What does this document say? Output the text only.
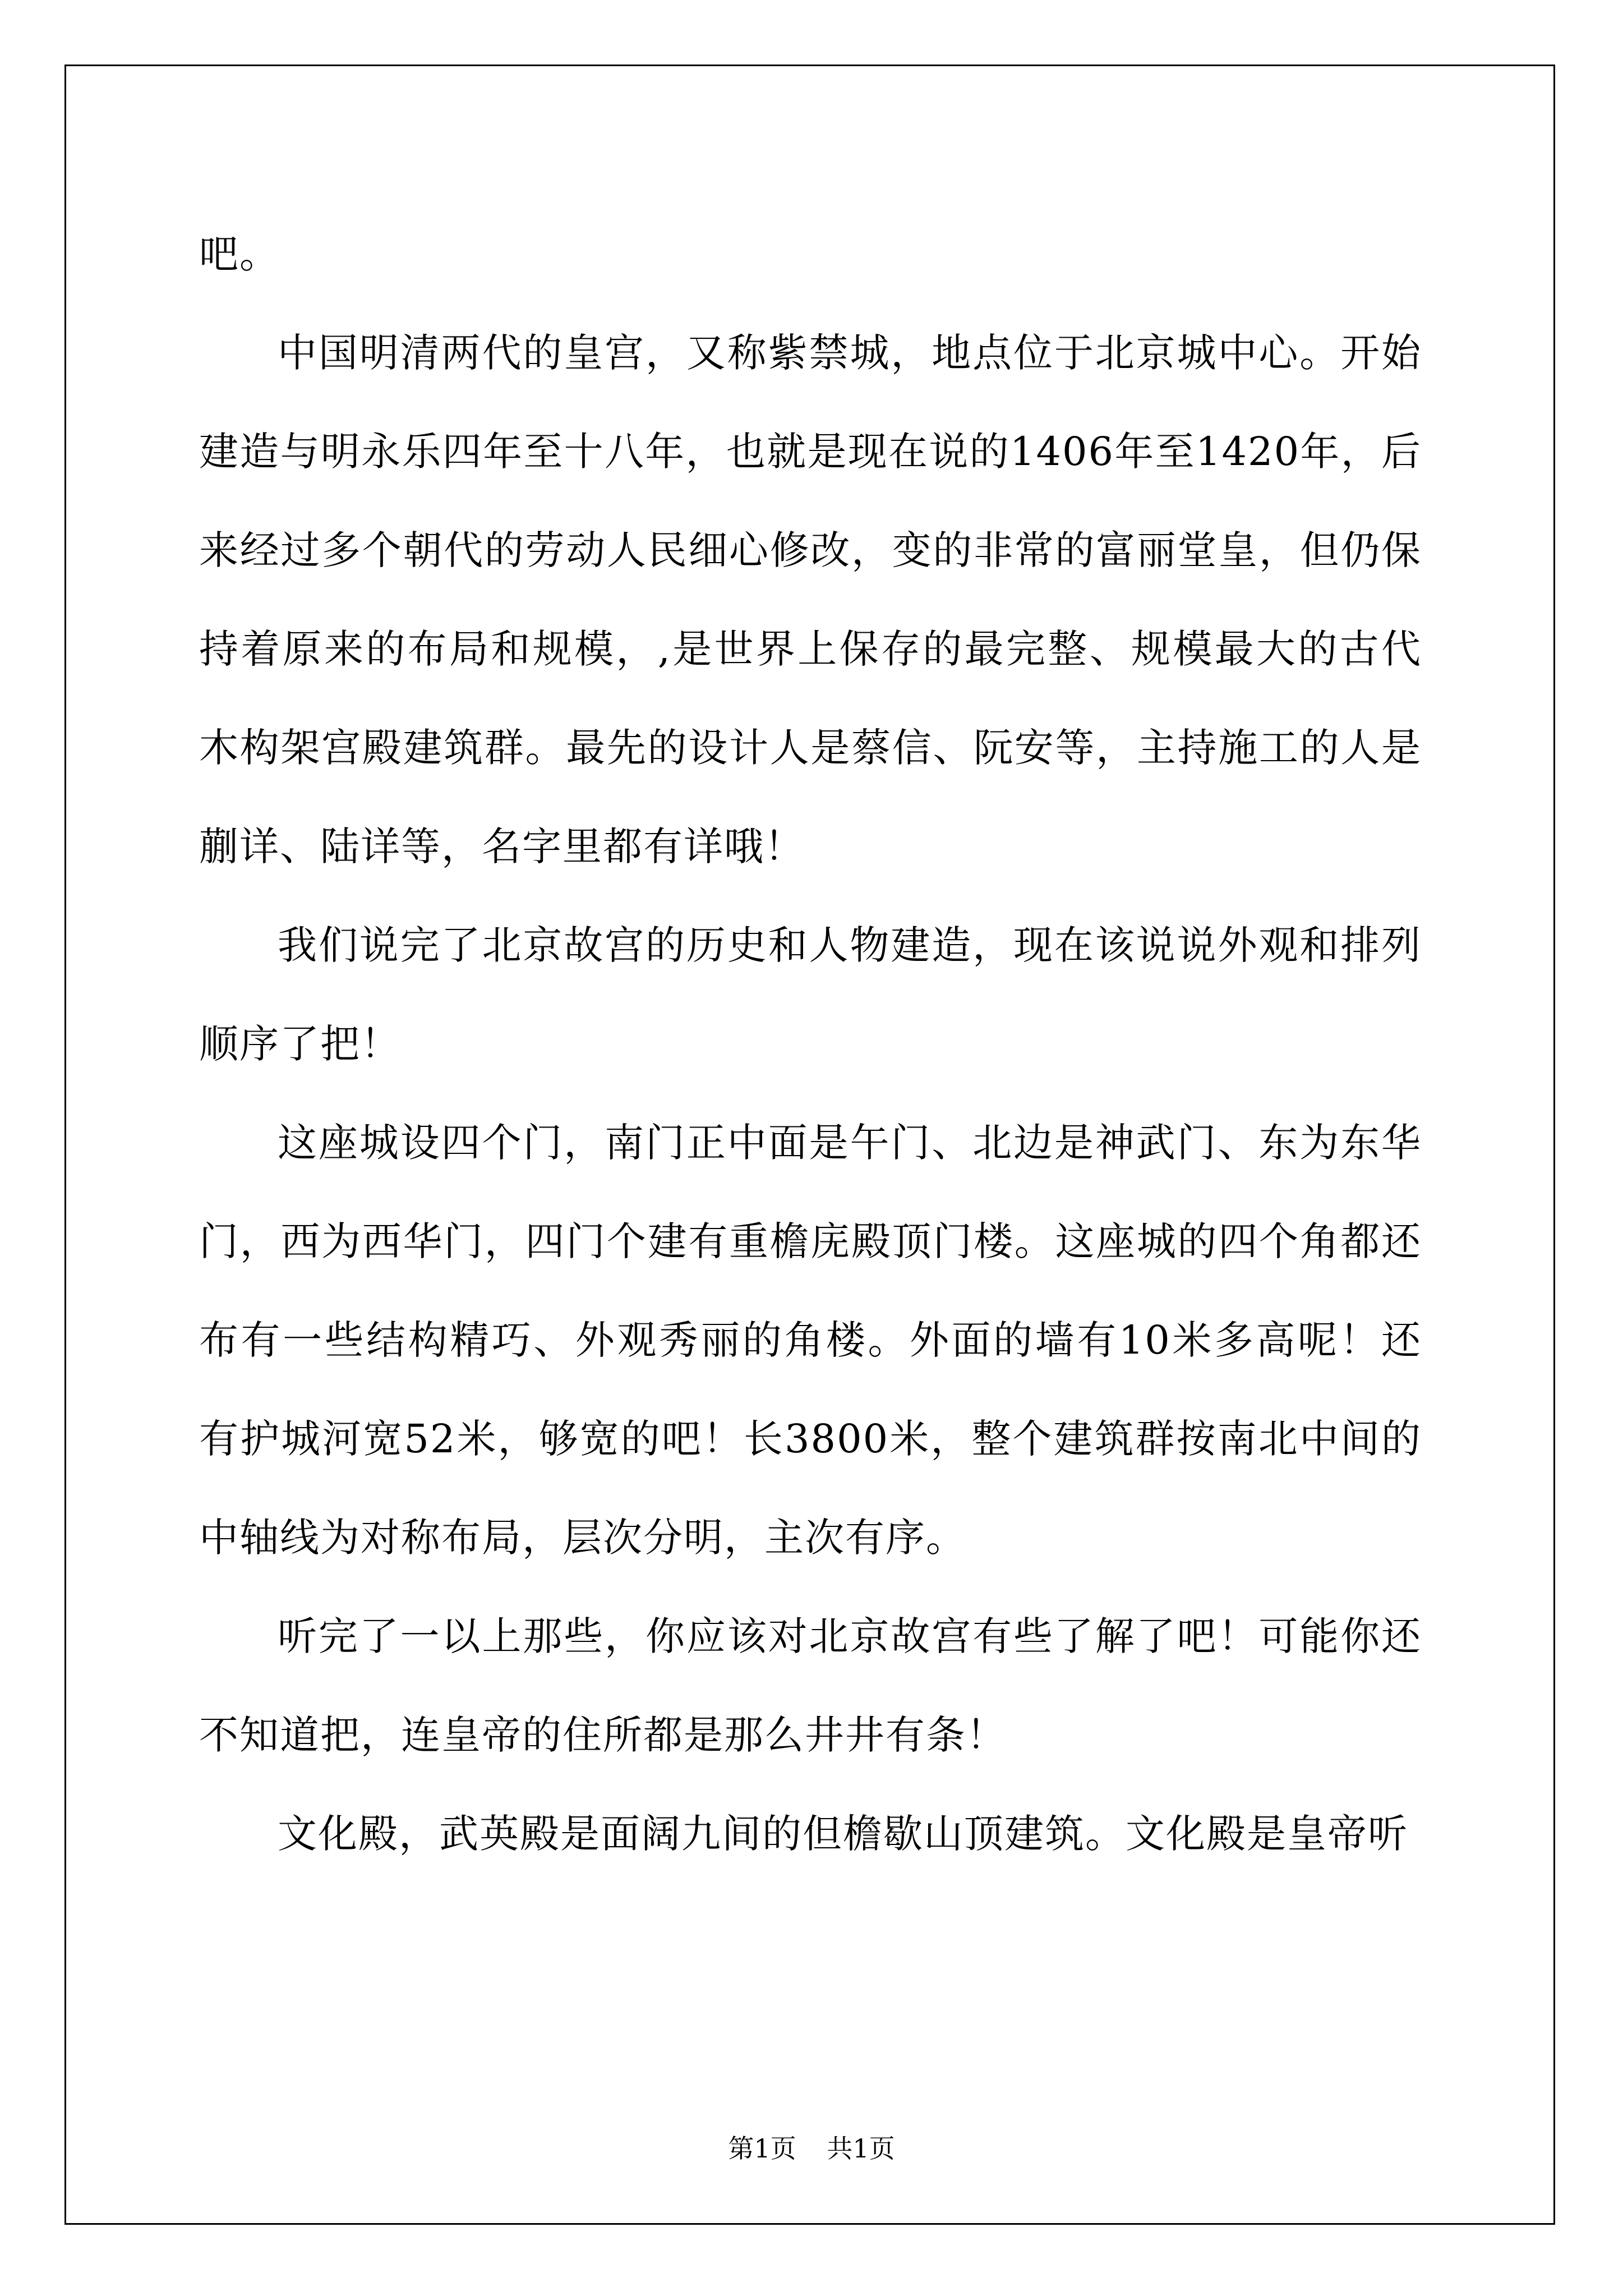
吧。

中国明清两代的皇宫，又称紫禁城，地点位于北京城中心。开始建造与明永乐四年至十八年，也就是现在说的1406年至1420年，后来经过多个朝代的劳动人民细心修改，变的非常的富丽堂皇，但仍保持着原来的布局和规模，,是世界上保存的最完整、规模最大的古代木构架宫殿建筑群。最先的设计人是蔡信、阮安等，主持施工的人是蒯详、陆详等，名字里都有详哦！

我们说完了北京故宫的历史和人物建造，现在该说说外观和排列顺序了把！

这座城设四个门，南门正中面是午门、北边是神武门、东为东华门，西为西华门，四门个建有重檐庑殿顶门楼。这座城的四个角都还布有一些结构精巧、外观秀丽的角楼。外面的墙有10米多高呢！还有护城河宽52米，够宽的吧！长3800米，整个建筑群按南北中间的中轴线为对称布局，层次分明，主次有序。

听完了一以上那些，你应该对北京故宫有些了解了吧！可能你还不知道把，连皇帝的住所都是那么井井有条！

文化殿，武英殿是面阔九间的但檐歇山顶建筑。文化殿是皇帝听

第1页 共1页
